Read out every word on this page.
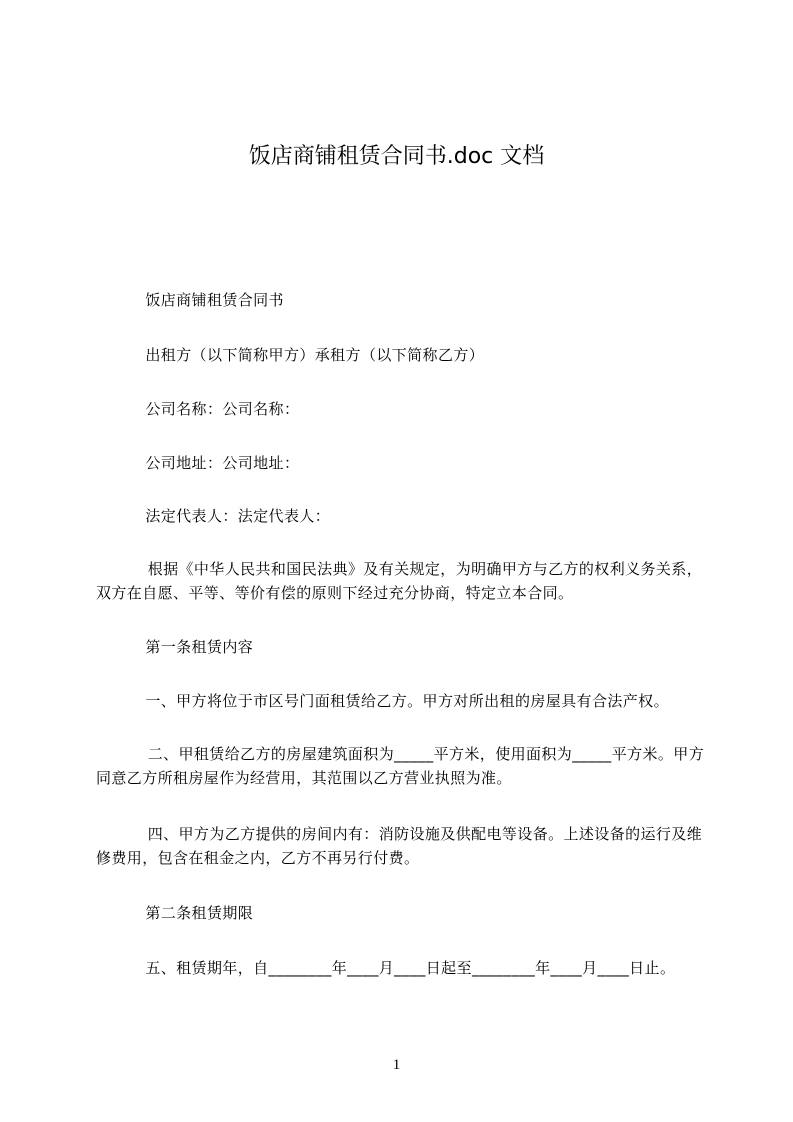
饭店商铺租赁合同书.doc 文档
饭店商铺租赁合同书
出租方（以下简称甲方）承租方（以下简称乙方）
公司名称：公司名称：
公司地址：公司地址：
法定代表人：法定代表人：
根据《中华人民共和国民法典》及有关规定，为明确甲方与乙方的权利义务关系，双方在自愿、平等、等价有偿的原则下经过充分协商，特定立本合同。
第一条租赁内容
一、甲方将位于市区号门面租赁给乙方。甲方对所出租的房屋具有合法产权。
二、甲租赁给乙方的房屋建筑面积为_____平方米，使用面积为_____平方米。甲方同意乙方所租房屋作为经营用，其范围以乙方营业执照为准。
四、甲方为乙方提供的房间内有：消防设施及供配电等设备。上述设备的运行及维修费用，包含在租金之内，乙方不再另行付费。
第二条租赁期限
五、租赁期年，自________年____月____日起至________年____月____日止。
1
